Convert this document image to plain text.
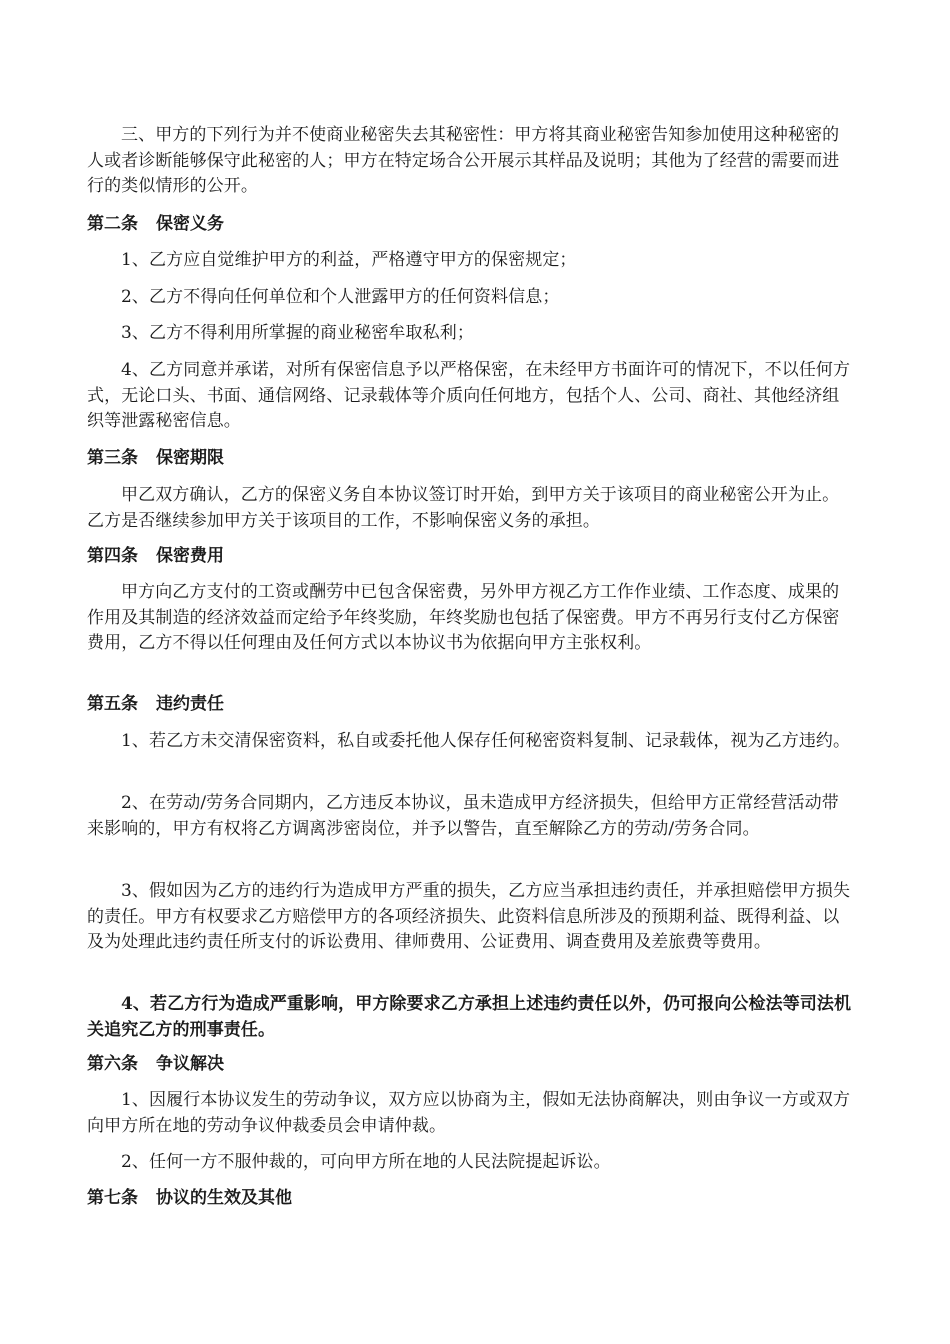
三、甲方的下列行为并不使商业秘密失去其秘密性：甲方将其商业秘密告知参加使用这种秘密的人或者诊断能够保守此秘密的人；甲方在特定场合公开展示其样品及说明；其他为了经营的需要而进行的类似情形的公开。

第二条 保密义务

1、乙方应自觉维护甲方的利益，严格遵守甲方的保密规定；

2、乙方不得向任何单位和个人泄露甲方的任何资料信息；

3、乙方不得利用所掌握的商业秘密牟取私利；

4、乙方同意并承诺，对所有保密信息予以严格保密，在未经甲方书面许可的情况下，不以任何方式，无论口头、书面、通信网络、记录载体等介质向任何地方，包括个人、公司、商社、其他经济组织等泄露秘密信息。

第三条 保密期限

甲乙双方确认，乙方的保密义务自本协议签订时开始，到甲方关于该项目的商业秘密公开为止。乙方是否继续参加甲方关于该项目的工作，不影响保密义务的承担。

第四条 保密费用

甲方向乙方支付的工资或酬劳中已包含保密费，另外甲方视乙方工作作业绩、工作态度、成果的作用及其制造的经济效益而定给予年终奖励，年终奖励也包括了保密费。甲方不再另行支付乙方保密费用，乙方不得以任何理由及任何方式以本协议书为依据向甲方主张权利。

第五条 违约责任

1、若乙方未交清保密资料，私自或委托他人保存任何秘密资料复制、记录载体，视为乙方违约。

2、在劳动/劳务合同期内，乙方违反本协议，虽未造成甲方经济损失，但给甲方正常经营活动带来影响的，甲方有权将乙方调离涉密岗位，并予以警告，直至解除乙方的劳动/劳务合同。

3、假如因为乙方的违约行为造成甲方严重的损失，乙方应当承担违约责任，并承担赔偿甲方损失的责任。甲方有权要求乙方赔偿甲方的各项经济损失、此资料信息所涉及的预期利益、既得利益、以及为处理此违约责任所支付的诉讼费用、律师费用、公证费用、调查费用及差旅费等费用。

4、若乙方行为造成严重影响，甲方除要求乙方承担上述违约责任以外，仍可报向公检法等司法机关追究乙方的刑事责任。

第六条 争议解决

1、因履行本协议发生的劳动争议，双方应以协商为主，假如无法协商解决，则由争议一方或双方向甲方所在地的劳动争议仲裁委员会申请仲裁。

2、任何一方不服仲裁的，可向甲方所在地的人民法院提起诉讼。

第七条 协议的生效及其他
